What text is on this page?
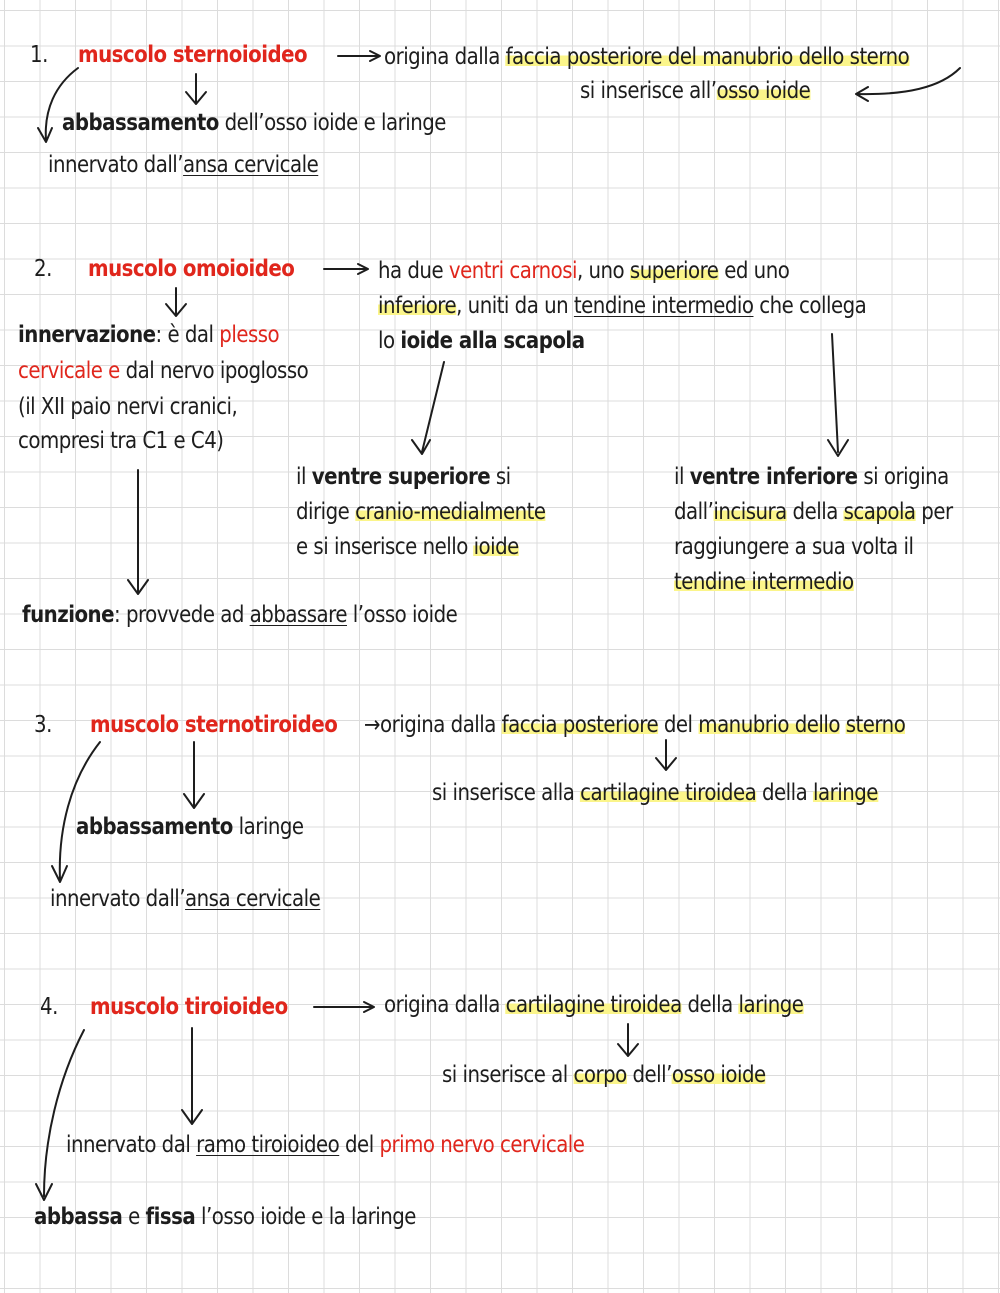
1. muscolo sternoioideo	origina dalla faccia posteriore del manubrio dello sterno
si inserisce all’osso ioide
abbassamento dell’osso ioide e laringe
innervato dall’ansa cervicale
2. muscolo omoioideo	ha due ventri carnosi, uno superiore ed uno
inferiore, uniti da un tendine intermedio che collega
lo ioide alla scapola
innervazione: è dal plesso
cervicale e dal nervo ipoglosso
(il XII paio nervi cranici,
compresi tra C1 e C4)
il ventre superiore si
dirige cranio-medialmente
e si inserisce nello ioide
il ventre inferiore si origina
dall’incisura della scapola per
raggiungere a sua volta il
tendine intermedio
funzione: provvede ad abbassare l’osso ioide
3. muscolo sternotiroideo →origina dalla faccia posteriore del manubrio dello sterno
si inserisce alla cartilagine tiroidea della laringe
abbassamento laringe
innervato dall’ansa cervicale
4. muscolo tiroioideo	origina dalla cartilagine tiroidea della laringe
si inserisce al corpo dell’osso ioide
innervato dal ramo tiroioideo del primo nervo cervicale
abbassa e fissa l’osso ioide e la laringe
